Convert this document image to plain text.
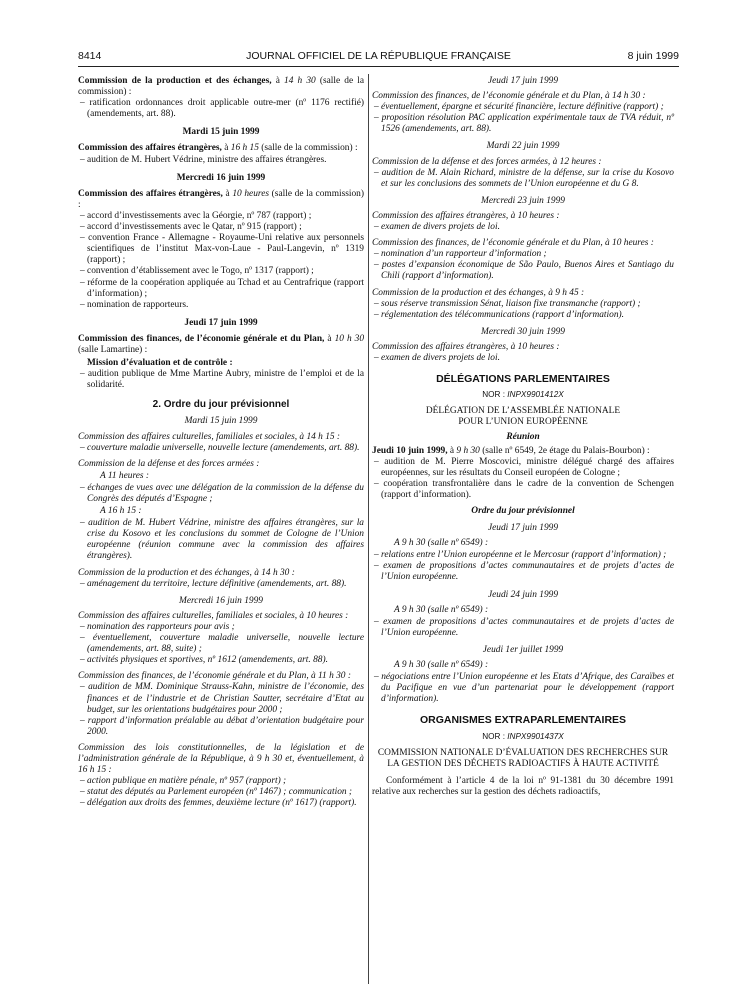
8414	JOURNAL OFFICIEL DE LA RÉPUBLIQUE FRANÇAISE	8 juin 1999

Commission de la production et des échanges, à 14 h 30 (salle de la commission) :

– ratification ordonnances droit applicable outre-mer (nº 1176 rectifié) (amendements, art. 88).

Mardi 15 juin 1999

Commission des affaires étrangères, à 16 h 15 (salle de la commission) :

– audition de M. Hubert Védrine, ministre des affaires étrangères.

Mercredi 16 juin 1999

Commission des affaires étrangères, à 10 heures (salle de la commission) :

– accord d’investissements avec la Géorgie, nº 787 (rapport) ;

– accord d’investissements avec le Qatar, nº 915 (rapport) ;

– convention France - Allemagne - Royaume-Uni relative aux personnels scientifiques de l’institut Max-von-Laue - Paul-Langevin, nº 1319 (rapport) ;

– convention d’établissement avec le Togo, nº 1317 (rapport) ;

– réforme de la coopération appliquée au Tchad et au Centrafrique (rapport d’information) ;

– nomination de rapporteurs.

Jeudi 17 juin 1999

Commission des finances, de l’économie générale et du Plan, à 10 h 30 (salle Lamartine) :

Mission d’évaluation et de contrôle :

– audition publique de Mme Martine Aubry, ministre de l’emploi et de la solidarité.

2. Ordre du jour prévisionnel

Mardi 15 juin 1999

Commission des affaires culturelles, familiales et sociales, à 14 h 15 :

– couverture maladie universelle, nouvelle lecture (amendements, art. 88).

Commission de la défense et des forces armées :

A 11 heures :

– échanges de vues avec une délégation de la commission de la défense du Congrès des députés d’Espagne ;

A 16 h 15 :

– audition de M. Hubert Védrine, ministre des affaires étrangères, sur la crise du Kosovo et les conclusions du sommet de Cologne de l’Union européenne (réunion commune avec la commission des affaires étrangères).

Commission de la production et des échanges, à 14 h 30 :

– aménagement du territoire, lecture définitive (amendements, art. 88).

Mercredi 16 juin 1999

Commission des affaires culturelles, familiales et sociales, à 10 heures :

– nomination des rapporteurs pour avis ;

– éventuellement, couverture maladie universelle, nouvelle lecture (amendements, art. 88, suite) ;

– activités physiques et sportives, nº 1612 (amendements, art. 88).

Commission des finances, de l’économie générale et du Plan, à 11 h 30 :

– audition de MM. Dominique Strauss-Kahn, ministre de l’économie, des finances et de l’industrie et de Christian Sautter, secrétaire d’Etat au budget, sur les orientations budgétaires pour 2000 ;

– rapport d’information préalable au débat d’orientation budgétaire pour 2000.

Commission des lois constitutionnelles, de la législation et de l’administration générale de la République, à 9 h 30 et, éventuellement, à 16 h 15 :

– action publique en matière pénale, nº 957 (rapport) ;

– statut des députés au Parlement européen (nº 1467) ; communication ;

– délégation aux droits des femmes, deuxième lecture (nº 1617) (rapport).

Jeudi 17 juin 1999

Commission des finances, de l’économie générale et du Plan, à 14 h 30 :

– éventuellement, épargne et sécurité financière, lecture définitive (rapport) ;

– proposition résolution PAC application expérimentale taux de TVA réduit, nº 1526 (amendements, art. 88).

Mardi 22 juin 1999

Commission de la défense et des forces armées, à 12 heures :

– audition de M. Alain Richard, ministre de la défense, sur la crise du Kosovo et sur les conclusions des sommets de l’Union européenne et du G 8.

Mercredi 23 juin 1999

Commission des affaires étrangères, à 10 heures :

– examen de divers projets de loi.

Commission des finances, de l’économie générale et du Plan, à 10 heures :

– nomination d’un rapporteur d’information ;

– postes d’expansion économique de São Paulo, Buenos Aires et Santiago du Chili (rapport d’information).

Commission de la production et des échanges, à 9 h 45 :

– sous réserve transmission Sénat, liaison fixe transmanche (rapport) ;

– réglementation des télécommunications (rapport d’information).

Mercredi 30 juin 1999

Commission des affaires étrangères, à 10 heures :

– examen de divers projets de loi.

DÉLÉGATIONS PARLEMENTAIRES

NOR : INPX9901412X

DÉLÉGATION DE L’ASSEMBLÉE NATIONALE

POUR L’UNION EUROPÉENNE

Réunion

Jeudi 10 juin 1999, à 9 h 30 (salle nº 6549, 2e étage du Palais-Bourbon) :

– audition de M. Pierre Moscovici, ministre délégué chargé des affaires européennes, sur les résultats du Conseil européen de Cologne ;

– coopération transfrontalière dans le cadre de la convention de Schengen (rapport d’information).

Ordre du jour prévisionnel

Jeudi 17 juin 1999

A 9 h 30 (salle nº 6549) :

– relations entre l’Union européenne et le Mercosur (rapport d’information) ;

– examen de propositions d’actes communautaires et de projets d’actes de l’Union européenne.

Jeudi 24 juin 1999

A 9 h 30 (salle nº 6549) :

– examen de propositions d’actes communautaires et de projets d’actes de l’Union européenne.

Jeudi 1er juillet 1999

A 9 h 30 (salle nº 6549) :

– négociations entre l’Union européenne et les Etats d’Afrique, des Caraïbes et du Pacifique en vue d’un partenariat pour le développement (rapport d’information).

ORGANISMES EXTRAPARLEMENTAIRES

NOR : INPX9901437X

COMMISSION NATIONALE D’ÉVALUATION DES RECHERCHES SUR LA GESTION DES DÉCHETS RADIOACTIFS À HAUTE ACTIVITÉ

Conformément à l’article 4 de la loi nº 91-1381 du 30 décembre 1991 relative aux recherches sur la gestion des déchets radioactifs,
